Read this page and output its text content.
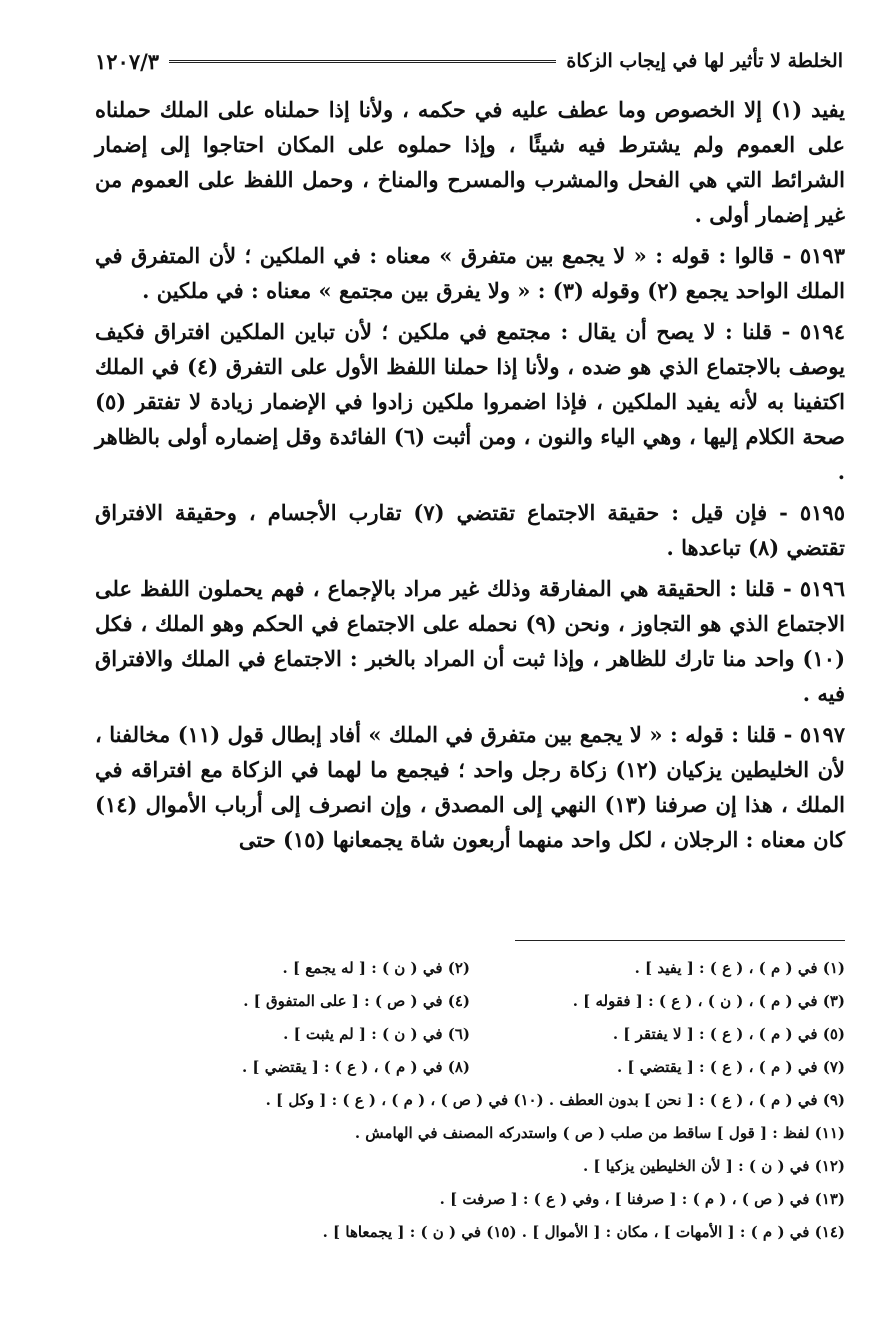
الخلطة لا تأثير لها في إيجاب الزكاة
١٢٠٧/٣

يفيد (١) إلا الخصوص وما عطف عليه في حكمه ، ولأنا إذا حملناه على الملك حملناه على العموم ولم يشترط فيه شيئًا ، وإذا حملوه على المكان احتاجوا إلى إضمار الشرائط التي هي الفحل والمشرب والمسرح والمناخ ، وحمل اللفظ على العموم من غير إضمار أولى .

٥١٩٣ - قالوا : قوله : « لا يجمع بين متفرق » معناه : في الملكين ؛ لأن المتفرق في الملك الواحد يجمع (٢) وقوله (٣) : « ولا يفرق بين مجتمع » معناه : في ملكين .

٥١٩٤ - قلنا : لا يصح أن يقال : مجتمع في ملكين ؛ لأن تباين الملكين افتراق فكيف يوصف بالاجتماع الذي هو ضده ، ولأنا إذا حملنا اللفظ الأول على التفرق (٤) في الملك اكتفينا به لأنه يفيد الملكين ، فإذا اضمروا ملكين زادوا في الإضمار زيادة لا تفتقر (٥) صحة الكلام إليها ، وهي الياء والنون ، ومن أثبت (٦) الفائدة وقل إضماره أولى بالظاهر .

٥١٩٥ - فإن قيل : حقيقة الاجتماع تقتضي (٧) تقارب الأجسام ، وحقيقة الافتراق تقتضي (٨) تباعدها .

٥١٩٦ - قلنا : الحقيقة هي المفارقة وذلك غير مراد بالإجماع ، فهم يحملون اللفظ على الاجتماع الذي هو التجاوز ، ونحن (٩) نحمله على الاجتماع في الحكم وهو الملك ، فكل (١٠) واحد منا تارك للظاهر ، وإذا ثبت أن المراد بالخبر : الاجتماع في الملك والافتراق فيه .

٥١٩٧ - قلنا : قوله : « لا يجمع بين متفرق في الملك » أفاد إبطال قول (١١) مخالفنا ، لأن الخليطين يزكيان (١٢) زكاة رجل واحد ؛ فيجمع ما لهما في الزكاة مع افتراقه في الملك ، هذا إن صرفنا (١٣) النهي إلى المصدق ، وإن انصرف إلى أرباب الأموال (١٤) كان معناه : الرجلان ، لكل واحد منهما أربعون شاة يجمعانها (١٥) حتى

(١) في ( م ) ، ( ع ) : [ يفيد ] .
(٢) في ( ن ) : [ له يجمع ] .
(٣) في ( م ) ، ( ن ) ، ( ع ) : [ فقوله ] .
(٤) في ( ص ) : [ على المتفوق ] .
(٥) في ( م ) ، ( ع ) : [ لا يفتقر ] .
(٦) في ( ن ) : [ لم يثبت ] .
(٧) في ( م ) ، ( ع ) : [ يقتضي ] .
(٨) في ( م ) ، ( ع ) : [ يقتضي ] .
(٩) في ( م ) ، ( ع ) : [ نحن ] بدون العطف . (١٠) في ( ص ) ، ( م ) ، ( ع ) : [ وكل ] .
(١١) لفظ : [ قول ] ساقط من صلب ( ص ) واستدركه المصنف في الهامش .
(١٢) في ( ن ) : [ لأن الخليطين يزكيا ] .
(١٣) في ( ص ) ، ( م ) : [ صرفنا ] ، وفي ( ع ) : [ صرفت ] .
(١٤) في ( م ) : [ الأمهات ] ، مكان : [ الأموال ] . (١٥) في ( ن ) : [ يجمعاها ] .
